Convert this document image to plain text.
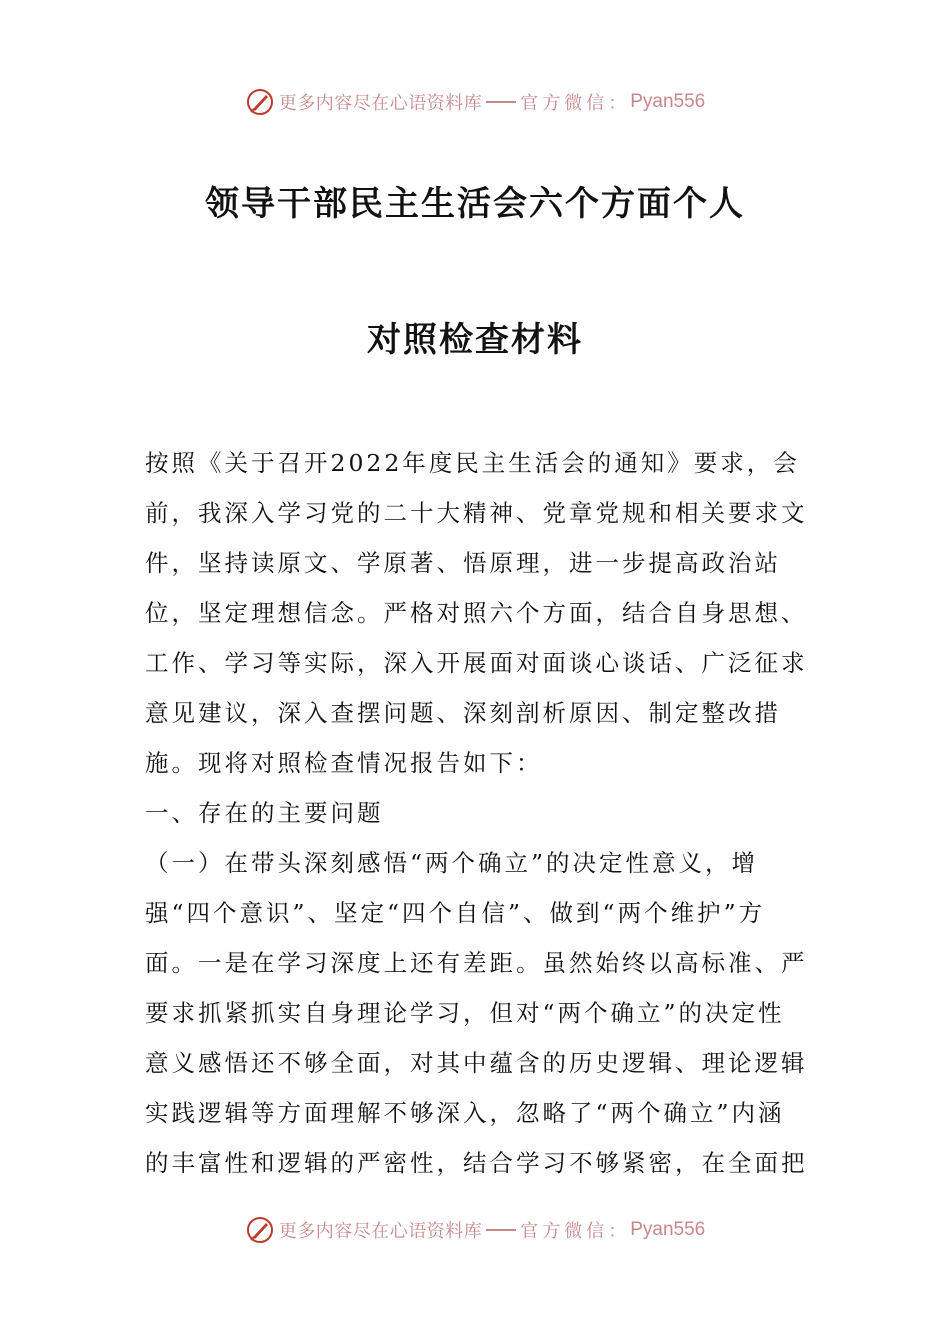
更多内容尽在心语资料库 官方微信： Pyan556
领导干部民主生活会六个方面个人
对照检查材料

按照《关于召开2022年度民主生活会的通知》要求，会前，我深入学习党的二十大精神、党章党规和相关要求文件，坚持读原文、学原著、悟原理，进一步提高政治站位，坚定理想信念。严格对照六个方面，结合自身思想、工作、学习等实际，深入开展面对面谈心谈话、广泛征求意见建议，深入查摆问题、深刻剖析原因、制定整改措施。现将对照检查情况报告如下：

一、存在的主要问题

（一）在带头深刻感悟“两个确立”的决定性意义，增强“四个意识”、坚定“四个自信”、做到“两个维护”方面。一是在学习深度上还有差距。虽然始终以高标准、严要求抓紧抓实自身理论学习，但对“两个确立”的决定性意义感悟还不够全面，对其中蕴含的历史逻辑、理论逻辑实践逻辑等方面理解不够深入，忽略了“两个确立”内涵的丰富性和逻辑的严密性，结合学习不够紧密，在全面把

更多内容尽在心语资料库 官方微信： Pyan556
